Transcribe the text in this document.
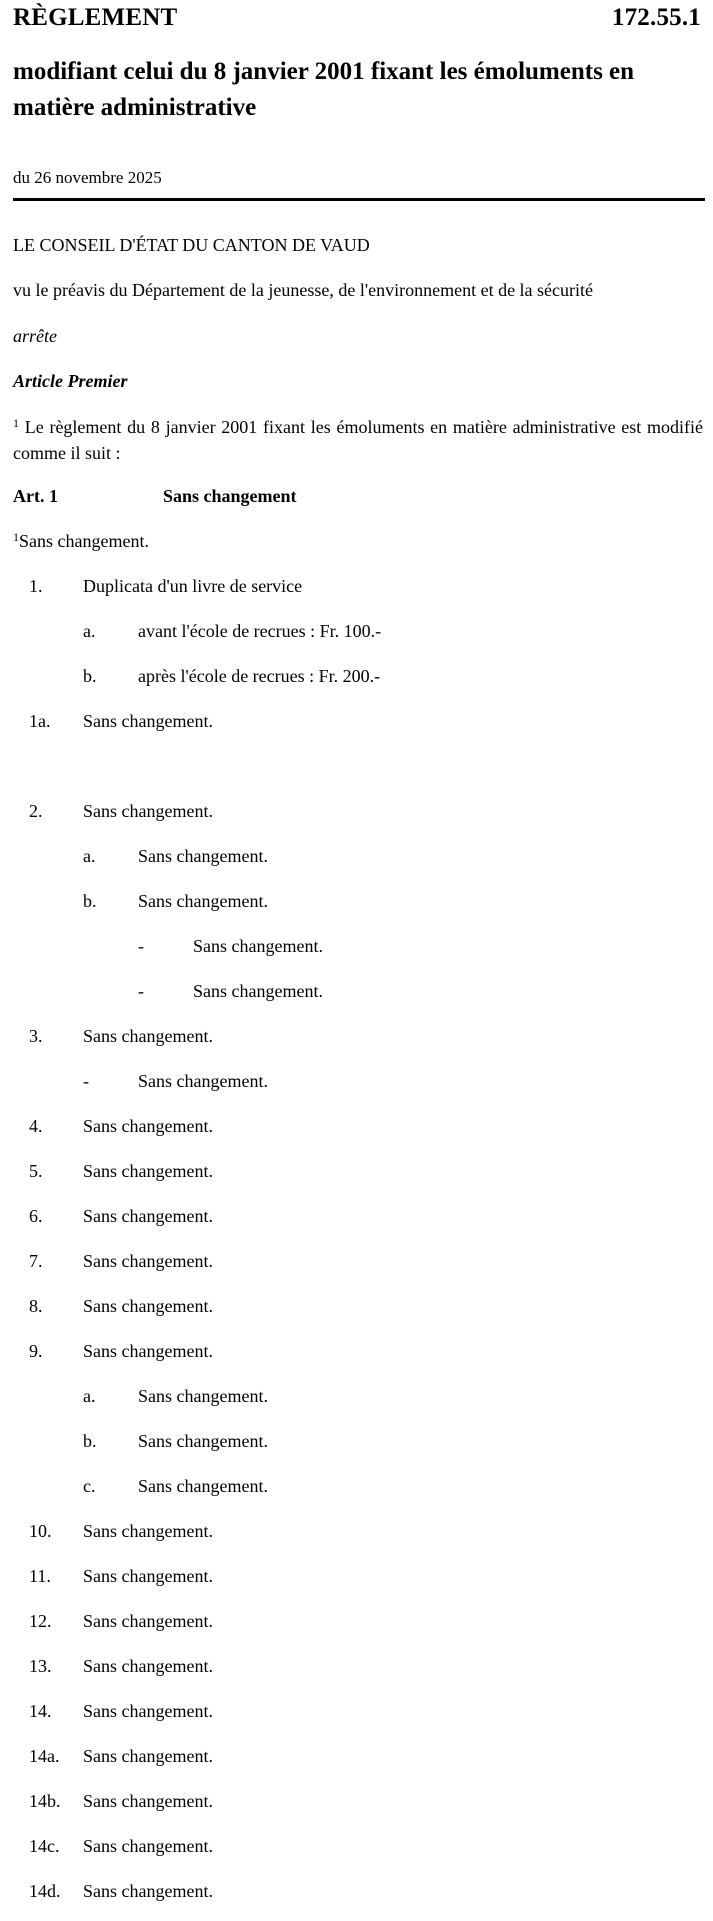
RÈGLEMENT	172.55.1
modifiant celui du 8 janvier 2001 fixant les émoluments en matière administrative
du 26 novembre 2025
LE CONSEIL D'ÉTAT DU CANTON DE VAUD
vu le préavis du Département de la jeunesse, de l'environnement et de la sécurité
arrête
Article Premier
$^1$ Le règlement du 8 janvier 2001 fixant les émoluments en matière administrative est modifié comme il suit :
Art. 1	Sans changement
$^1$Sans changement.
1. Duplicata d'un livre de service
a. avant l'école de recrues : Fr. 100.-
b. après l'école de recrues : Fr. 200.-
1a. Sans changement.
2. Sans changement.
a. Sans changement.
b. Sans changement.
-	Sans changement.
-	Sans changement.
3. Sans changement.
-	Sans changement.
4. Sans changement.
5. Sans changement.
6. Sans changement.
7. Sans changement.
8. Sans changement.
9. Sans changement.
a. Sans changement.
b. Sans changement.
c. Sans changement.
10. Sans changement.
11. Sans changement.
12. Sans changement.
13. Sans changement.
14. Sans changement.
14a. Sans changement.
14b. Sans changement.
14c. Sans changement.
14d. Sans changement.
